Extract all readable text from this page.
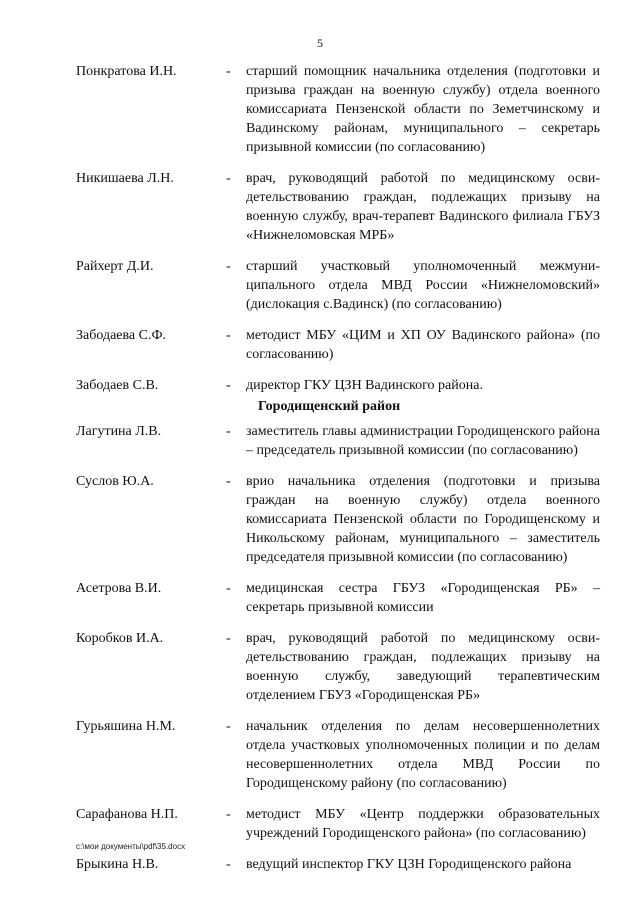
5
Понкратова И.Н.	-	старший помощник начальника отделения (подготовки и призыва граждан на военную службу) отдела военного комиссариата Пензенской области по Земетчинскому и Вадинскому районам, муниципального – секретарь призывной комиссии (по согласованию)
Никишаева Л.Н.	-	врач, руководящий работой по медицинскому освидетельствованию граждан, подлежащих призыву на военную службу, врач-терапевт Вадинского филиала ГБУЗ «Нижнеломовская МРБ»
Райхерт Д.И.	-	старший участковый уполномоченный межмуниципального отдела МВД России «Нижнеломовский» (дислокация с.Вадинск) (по согласованию)
Забодаева С.Ф.	-	методист МБУ «ЦИМ и ХП ОУ Вадинского района» (по согласованию)
Забодаев С.В.	-	директор ГКУ ЦЗН Вадинского района.
Городищенский район
Лагутина Л.В.	-	заместитель главы администрации Городищенского района – председатель призывной комиссии (по согласованию)
Суслов Ю.А.	-	врио начальника отделения (подготовки и призыва граждан на военную службу) отдела военного комиссариата Пензенской области по Городищенскому и Никольскому районам, муниципального – заместитель председателя призывной комиссии (по согласованию)
Асетрова В.И.	-	медицинская сестра ГБУЗ «Городищенская РБ» – секретарь призывной комиссии
Коробков И.А.	-	врач, руководящий работой по медицинскому освидетельствованию граждан, подлежащих призыву на военную службу, заведующий терапевтическим отделением ГБУЗ «Городищенская РБ»
Гурьяшина Н.М.	-	начальник отделения по делам несовершеннолетних отдела участковых уполномоченных полиции и по делам несовершеннолетних отдела МВД России по Городищенскому району (по согласованию)
Сарафанова Н.П.	-	методист МБУ «Центр поддержки образовательных учреждений Городищенского района» (по согласованию)
Брыкина Н.В.	-	ведущий инспектор ГКУ ЦЗН Городищенского района
с:\мои документы\pdf\35.docx
